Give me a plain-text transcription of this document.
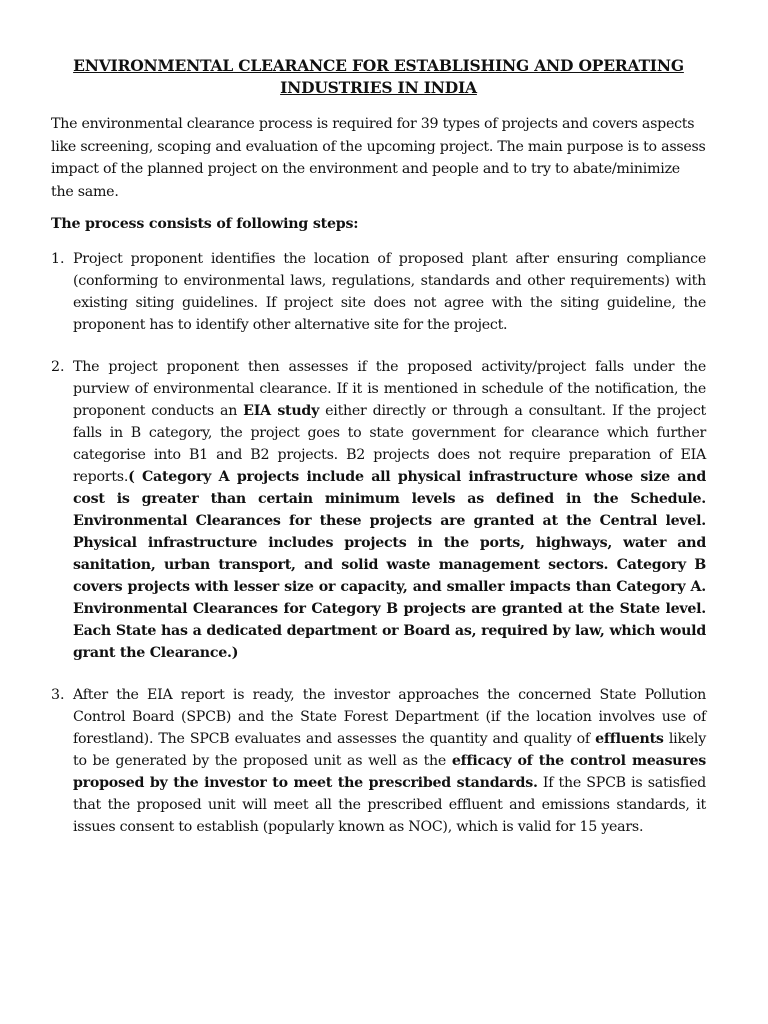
ENVIRONMENTAL CLEARANCE FOR ESTABLISHING AND OPERATING INDUSTRIES IN INDIA

The environmental clearance process is required for 39 types of projects and covers aspects like screening, scoping and evaluation of the upcoming project. The main purpose is to assess impact of the planned project on the environment and people and to try to abate/minimize the same.

The process consists of following steps:

1. Project proponent identifies the location of proposed plant after ensuring compliance (conforming to environmental laws, regulations, standards and other requirements) with existing siting guidelines. If project site does not agree with the siting guideline, the proponent has to identify other alternative site for the project.

2. The project proponent then assesses if the proposed activity/project falls under the purview of environmental clearance. If it is mentioned in schedule of the notification, the proponent conducts an EIA study either directly or through a consultant. If the project falls in B category, the project goes to state government for clearance which further categorise into B1 and B2 projects. B2 projects does not require preparation of EIA reports.( Category A projects include all physical infrastructure whose size and cost is greater than certain minimum levels as defined in the Schedule. Environmental Clearances for these projects are granted at the Central level. Physical infrastructure includes projects in the ports, highways, water and sanitation, urban transport, and solid waste management sectors. Category B covers projects with lesser size or capacity, and smaller impacts than Category A. Environmental Clearances for Category B projects are granted at the State level. Each State has a dedicated department or Board as, required by law, which would grant the Clearance.)

3. After the EIA report is ready, the investor approaches the concerned State Pollution Control Board (SPCB) and the State Forest Department (if the location involves use of forestland). The SPCB evaluates and assesses the quantity and quality of effluents likely to be generated by the proposed unit as well as the efficacy of the control measures proposed by the investor to meet the prescribed standards. If the SPCB is satisfied that the proposed unit will meet all the prescribed effluent and emissions standards, it issues consent to establish (popularly known as NOC), which is valid for 15 years.
